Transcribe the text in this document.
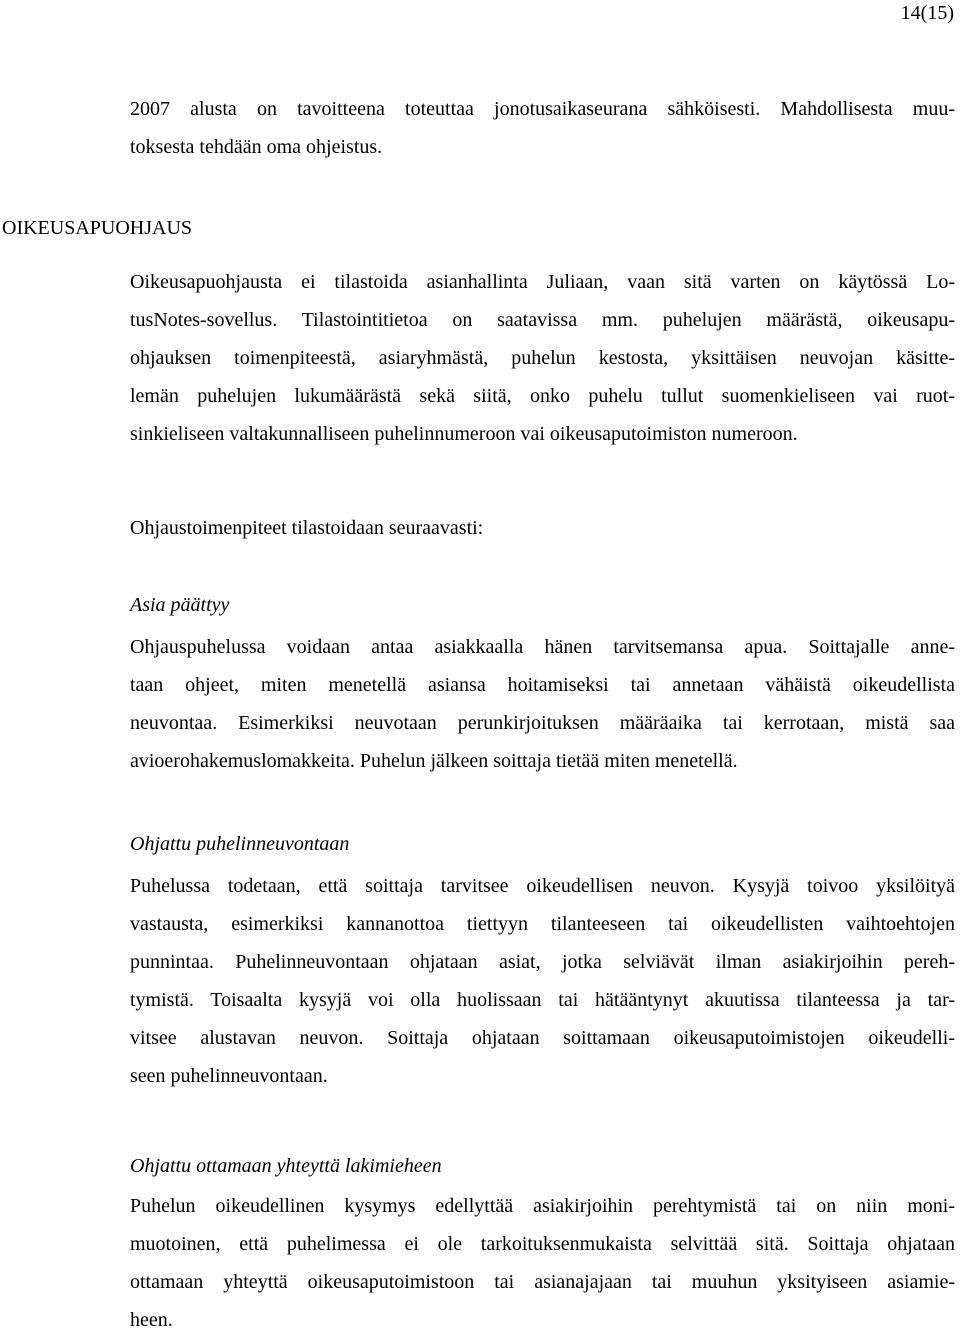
14(15)
2007 alusta on tavoitteena toteuttaa jonotusaikaseurana sähköisesti. Mahdollisesta muu-
toksesta tehdään oma ohjeistus.
OIKEUSAPUOHJAUS
Oikeusapuohjausta ei tilastoida asianhallinta Juliaan, vaan sitä varten on käytössä Lo-
tusNotes-sovellus. Tilastointitietoa on saatavissa mm. puhelujen määrästä, oikeusapu-
ohjauksen toimenpiteestä, asiaryhmästä, puhelun kestosta, yksittäisen neuvojan käsitte-
lemän puhelujen lukumäärästä sekä siitä, onko puhelu tullut suomenkieliseen vai ruot-
sinkieliseen valtakunnalliseen puhelinnumeroon vai oikeusaputoimiston numeroon.
Ohjaustoimenpiteet tilastoidaan seuraavasti:
Asia päättyy
Ohjauspuhelussa voidaan antaa asiakkaalla hänen tarvitsemansa apua. Soittajalle anne-
taan ohjeet, miten menetellä asiansa hoitamiseksi tai annetaan vähäistä oikeudellista
neuvontaa. Esimerkiksi neuvotaan perunkirjoituksen määräaika tai kerrotaan, mistä saa
avioerohakemuslomakkeita. Puhelun jälkeen soittaja tietää miten menetellä.
Ohjattu puhelinneuvontaan
Puhelussa todetaan, että soittaja tarvitsee oikeudellisen neuvon. Kysyjä toivoo yksilöityä
vastausta, esimerkiksi kannanottoa tiettyyn tilanteeseen tai oikeudellisten vaihtoehtojen
punnintaa. Puhelinneuvontaan ohjataan asiat, jotka selviävät ilman asiakirjoihin pereh-
tymistä. Toisaalta kysyjä voi olla huolissaan tai hätääntynyt akuutissa tilanteessa ja tar-
vitsee alustavan neuvon. Soittaja ohjataan soittamaan oikeusaputoimistojen oikeudelli-
seen puhelinneuvontaan.
Ohjattu ottamaan yhteyttä lakimieheen
Puhelun oikeudellinen kysymys edellyttää asiakirjoihin perehtymistä tai on niin moni-
muotoinen, että puhelimessa ei ole tarkoituksenmukaista selvittää sitä. Soittaja ohjataan
ottamaan yhteyttä oikeusaputoimistoon tai asianajajaan tai muuhun yksityiseen asiamie-
heen.
